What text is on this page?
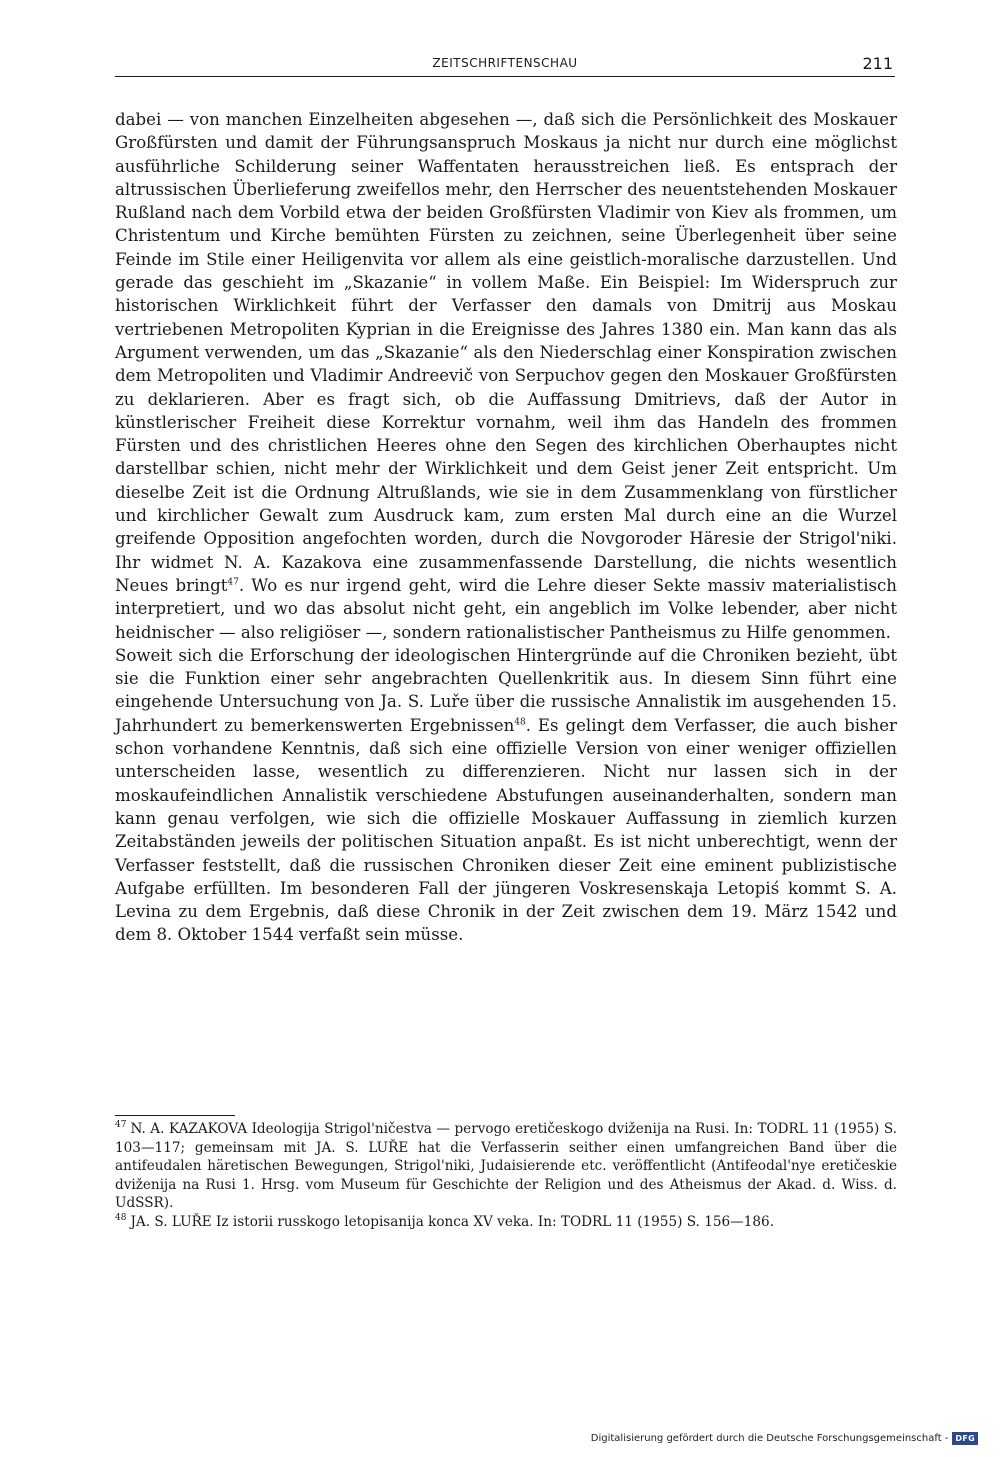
ZEITSCHRIFTENSCHAU	211

dabei — von manchen Einzelheiten abgesehen —, daß sich die Persönlichkeit des Moskauer Großfürsten und damit der Führungsanspruch Moskaus ja nicht nur durch eine möglichst ausführliche Schilderung seiner Waffentaten herausstreichen ließ. Es entsprach der altrussischen Überlieferung zweifellos mehr, den Herrscher des neuentstehenden Moskauer Rußland nach dem Vorbild etwa der beiden Großfürsten Vladimir von Kiev als frommen, um Christentum und Kirche bemühten Fürsten zu zeichnen, seine Überlegenheit über seine Feinde im Stile einer Heiligenvita vor allem als eine geistlich-moralische darzustellen. Und gerade das geschieht im „Skazanie“ in vollem Maße. Ein Beispiel: Im Widerspruch zur historischen Wirklichkeit führt der Verfasser den damals von Dmitrij aus Moskau vertriebenen Metropoliten Kyprian in die Ereignisse des Jahres 1380 ein. Man kann das als Argument verwenden, um das „Skazanie“ als den Niederschlag einer Konspiration zwischen dem Metropoliten und Vladimir Andreevič von Serpuchov gegen den Moskauer Großfürsten zu deklarieren. Aber es fragt sich, ob die Auffassung Dmitrievs, daß der Autor in künstlerischer Freiheit diese Korrektur vornahm, weil ihm das Handeln des frommen Fürsten und des christlichen Heeres ohne den Segen des kirchlichen Oberhauptes nicht darstellbar schien, nicht mehr der Wirklichkeit und dem Geist jener Zeit entspricht. Um dieselbe Zeit ist die Ordnung Altrußlands, wie sie in dem Zusammenklang von fürstlicher und kirchlicher Gewalt zum Ausdruck kam, zum ersten Mal durch eine an die Wurzel greifende Opposition angefochten worden, durch die Novgoroder Häresie der Strigol'niki. Ihr widmet N. A. Kazakova eine zusammenfassende Darstellung, die nichts wesentlich Neues bringt$^{47}$. Wo es nur irgend geht, wird die Lehre dieser Sekte massiv materialistisch interpretiert, und wo das absolut nicht geht, ein angeblich im Volke lebender, aber nicht heidnischer — also religiöser —, sondern rationalistischer Pantheismus zu Hilfe genommen.

Soweit sich die Erforschung der ideologischen Hintergründe auf die Chroniken bezieht, übt sie die Funktion einer sehr angebrachten Quellenkritik aus. In diesem Sinn führt eine eingehende Untersuchung von Ja. S. Luře über die russische Annalistik im ausgehenden 15. Jahrhundert zu bemerkenswerten Ergebnissen$^{48}$. Es gelingt dem Verfasser, die auch bisher schon vorhandene Kenntnis, daß sich eine offizielle Version von einer weniger offiziellen unterscheiden lasse, wesentlich zu differenzieren. Nicht nur lassen sich in der moskaufeindlichen Annalistik verschiedene Abstufungen auseinanderhalten, sondern man kann genau verfolgen, wie sich die offizielle Moskauer Auffassung in ziemlich kurzen Zeitabständen jeweils der politischen Situation anpaßt. Es ist nicht unberechtigt, wenn der Verfasser feststellt, daß die russischen Chroniken dieser Zeit eine eminent publizistische Aufgabe erfüllten. Im besonderen Fall der jüngeren Voskresenskaja Letopiś kommt S. A. Levina zu dem Ergebnis, daß diese Chronik in der Zeit zwischen dem 19. März 1542 und dem 8. Oktober 1544 verfaßt sein müsse.

$^{47}$ N. A. KAZAKOVA Ideologija Strigol'ničestva — pervogo eretičeskogo dviženija na Rusi. In: TODRL 11 (1955) S. 103—117; gemeinsam mit JA. S. LUŘE hat die Verfasserin seither einen umfangreichen Band über die antifeudalen häretischen Bewegungen, Strigol'niki, Judaisierende etc. veröffentlicht (Antifeodal'nye eretičeskie dviženija na Rusi 1. Hrsg. vom Museum für Geschichte der Religion und des Atheismus der Akad. d. Wiss. d. UdSSR).

$^{48}$ JA. S. LUŘE Iz istorii russkogo letopisanija konca XV veka. In: TODRL 11 (1955) S. 156—186.

Digitalisierung gefördert durch die Deutsche Forschungsgemeinschaft - DFG
